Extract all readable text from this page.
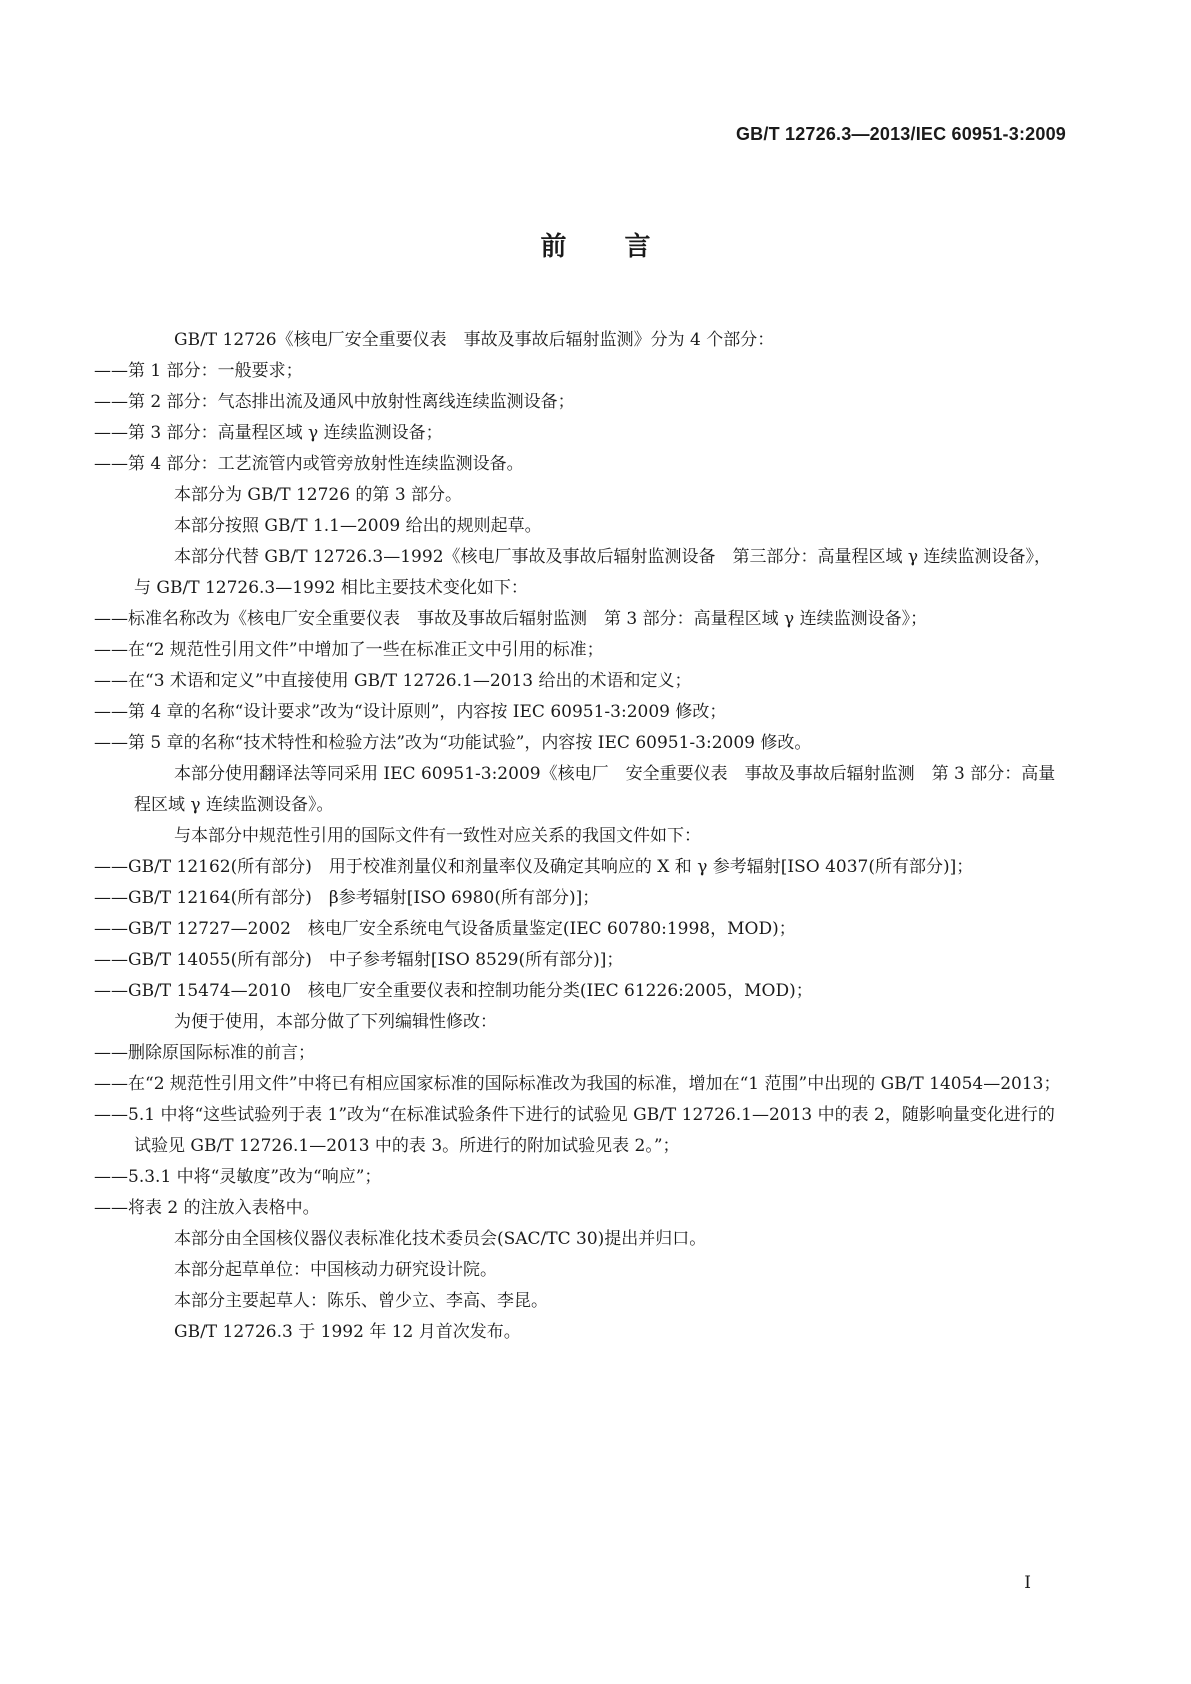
GB/T 12726.3—2013/IEC 60951-3:2009
前言

GB/T 12726《核电厂安全重要仪表　事故及事故后辐射监测》分为 4 个部分：

——第 1 部分：一般要求；

——第 2 部分：气态排出流及通风中放射性离线连续监测设备；

——第 3 部分：高量程区域 γ 连续监测设备；

——第 4 部分：工艺流管内或管旁放射性连续监测设备。

本部分为 GB/T 12726 的第 3 部分。

本部分按照 GB/T 1.1—2009 给出的规则起草。

本部分代替 GB/T 12726.3—1992《核电厂事故及事故后辐射监测设备　第三部分：高量程区域 γ 连续监测设备》，与 GB/T 12726.3—1992 相比主要技术变化如下：

——标准名称改为《核电厂安全重要仪表　事故及事故后辐射监测　第 3 部分：高量程区域 γ 连续监测设备》；

——在“2 规范性引用文件”中增加了一些在标准正文中引用的标准；

——在“3 术语和定义”中直接使用 GB/T 12726.1—2013 给出的术语和定义；

——第 4 章的名称“设计要求”改为“设计原则”，内容按 IEC 60951-3:2009 修改；

——第 5 章的名称“技术特性和检验方法”改为“功能试验”，内容按 IEC 60951-3:2009 修改。

本部分使用翻译法等同采用 IEC 60951-3:2009《核电厂　安全重要仪表　事故及事故后辐射监测　第 3 部分：高量程区域 γ 连续监测设备》。

与本部分中规范性引用的国际文件有一致性对应关系的我国文件如下：

——GB/T 12162(所有部分)　用于校准剂量仪和剂量率仪及确定其响应的 X 和 γ 参考辐射[ISO 4037(所有部分)]；

——GB/T 12164(所有部分)　β参考辐射[ISO 6980(所有部分)]；

——GB/T 12727—2002　核电厂安全系统电气设备质量鉴定(IEC 60780:1998，MOD)；

——GB/T 14055(所有部分)　中子参考辐射[ISO 8529(所有部分)]；

——GB/T 15474—2010　核电厂安全重要仪表和控制功能分类(IEC 61226:2005，MOD)；

为便于使用，本部分做了下列编辑性修改：

——删除原国际标准的前言；

——在“2 规范性引用文件”中将已有相应国家标准的国际标准改为我国的标准，增加在“1 范围”中出现的 GB/T 14054—2013；

——5.1 中将“这些试验列于表 1”改为“在标准试验条件下进行的试验见 GB/T 12726.1—2013 中的表 2，随影响量变化进行的试验见 GB/T 12726.1—2013 中的表 3。所进行的附加试验见表 2。”；

——5.3.1 中将“灵敏度”改为“响应”；

——将表 2 的注放入表格中。

本部分由全国核仪器仪表标准化技术委员会(SAC/TC 30)提出并归口。

本部分起草单位：中国核动力研究设计院。

本部分主要起草人：陈乐、曾少立、李高、李昆。

GB/T 12726.3 于 1992 年 12 月首次发布。

I
